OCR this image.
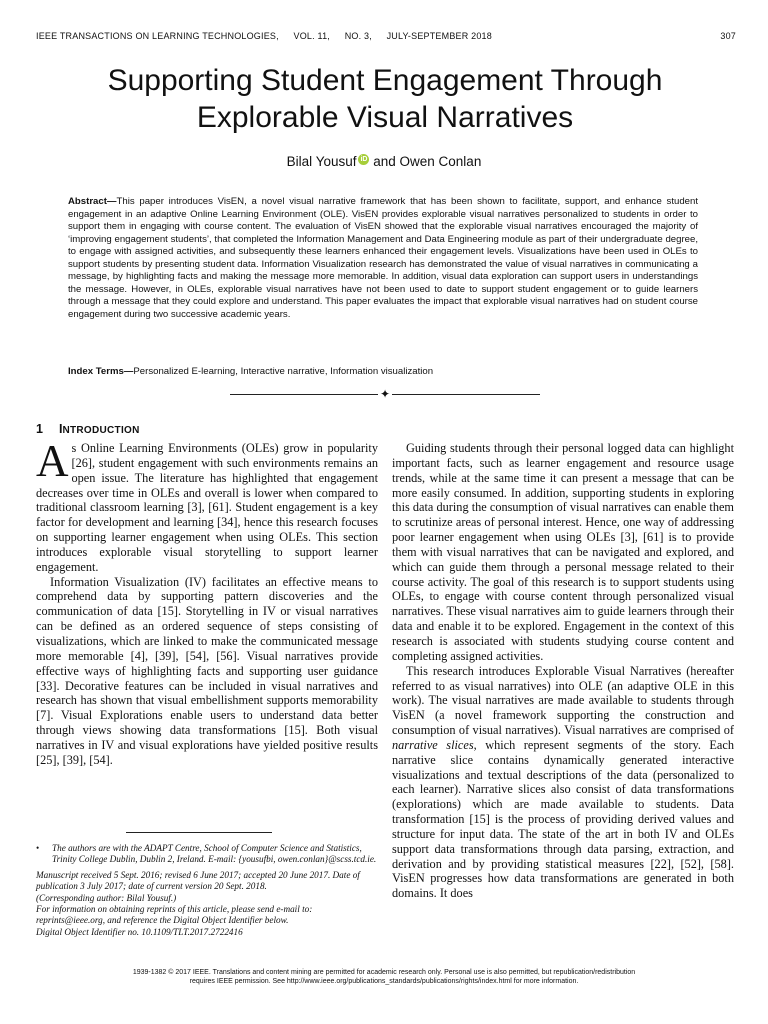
IEEE TRANSACTIONS ON LEARNING TECHNOLOGIES, VOL. 11, NO. 3, JULY-SEPTEMBER 2018	307
Supporting Student Engagement Through Explorable Visual Narratives
Bilal Yousuf iD and Owen Conlan

Abstract—This paper introduces VisEN, a novel visual narrative framework that has been shown to facilitate, support, and enhance student engagement in an adaptive Online Learning Environment (OLE). VisEN provides explorable visual narratives personalized to students in order to support them in engaging with course content. The evaluation of VisEN showed that the explorable visual narratives encouraged the majority of ‘improving engagement students’, that completed the Information Management and Data Engineering module as part of their undergraduate degree, to engage with assigned activities, and subsequently these learners enhanced their engagement levels. Visualizations have been used in OLEs to support students by presenting student data. Information Visualization research has demonstrated the value of visual narratives in communicating a message, by highlighting facts and making the message more memorable. In addition, visual data exploration can support users in understandings the message. However, in OLEs, explorable visual narratives have not been used to date to support student engagement or to guide learners through a message that they could explore and understand. This paper evaluates the impact that explorable visual narratives had on student course engagement during two successive academic years.

Index Terms—Personalized E-learning, Interactive narrative, Information visualization

✦
1 INTRODUCTION

As Online Learning Environments (OLEs) grow in popularity [26], student engagement with such environments remains an open issue. The literature has highlighted that engagement decreases over time in OLEs and overall is lower when compared to traditional classroom learning [3], [61]. Student engagement is a key factor for development and learning [34], hence this research focuses on supporting learner engagement when using OLEs. This section introduces explorable visual storytelling to support learner engagement.

Information Visualization (IV) facilitates an effective means to comprehend data by supporting pattern discoveries and the communication of data [15]. Storytelling in IV or visual narratives can be defined as an ordered sequence of steps consisting of visualizations, which are linked to make the communicated message more memorable [4], [39], [54], [56]. Visual narratives provide effective ways of highlighting facts and supporting user guidance [33]. Decorative features can be included in visual narratives and research has shown that visual embellishment supports memorability [7]. Visual Explorations enable users to understand data better through views showing data transformations [15]. Both visual narratives in IV and visual explorations have yielded positive results [25], [39], [54].

Guiding students through their personal logged data can highlight important facts, such as learner engagement and resource usage trends, while at the same time it can present a message that can be more easily consumed. In addition, supporting students in exploring this data during the consumption of visual narratives can enable them to scrutinize areas of personal interest. Hence, one way of addressing poor learner engagement when using OLEs [3], [61] is to provide them with visual narratives that can be navigated and explored, and which can guide them through a personal message related to their course activity. The goal of this research is to support students using OLEs, to engage with course content through personalized visual narratives. These visual narratives aim to guide learners through their data and enable it to be explored. Engagement in the context of this research is associated with students studying course content and completing assigned activities.

This research introduces Explorable Visual Narratives (hereafter referred to as visual narratives) into OLE (an adaptive OLE in this work). The visual narratives are made available to students through VisEN (a novel framework supporting the construction and consumption of visual narratives). Visual narratives are comprised of narrative slices, which represent segments of the story. Each narrative slice contains dynamically generated interactive visualizations and textual descriptions of the data (personalized to each learner). Narrative slices also consist of data transformations (explorations) which are made available to students. Data transformation [15] is the process of providing derived values and structure for input data. The state of the art in both IV and OLEs support data transformations through data parsing, extraction, and derivation and by providing statistical measures [22], [52], [58]. VisEN progresses how data transformations are generated in both domains. It does

• The authors are with the ADAPT Centre, School of Computer Science and Statistics, Trinity College Dublin, Dublin 2, Ireland. E-mail: {yousufbi, owen.conlan}@scss.tcd.ie.

Manuscript received 5 Sept. 2016; revised 6 June 2017; accepted 20 June 2017. Date of publication 3 July 2017; date of current version 20 Sept. 2018.

(Corresponding author: Bilal Yousuf.)

For information on obtaining reprints of this article, please send e-mail to: reprints@ieee.org, and reference the Digital Object Identifier below.

Digital Object Identifier no. 10.1109/TLT.2017.2722416

1939-1382 © 2017 IEEE. Translations and content mining are permitted for academic research only. Personal use is also permitted, but republication/redistribution
requires IEEE permission. See http://www.ieee.org/publications_standards/publications/rights/index.html for more information.
